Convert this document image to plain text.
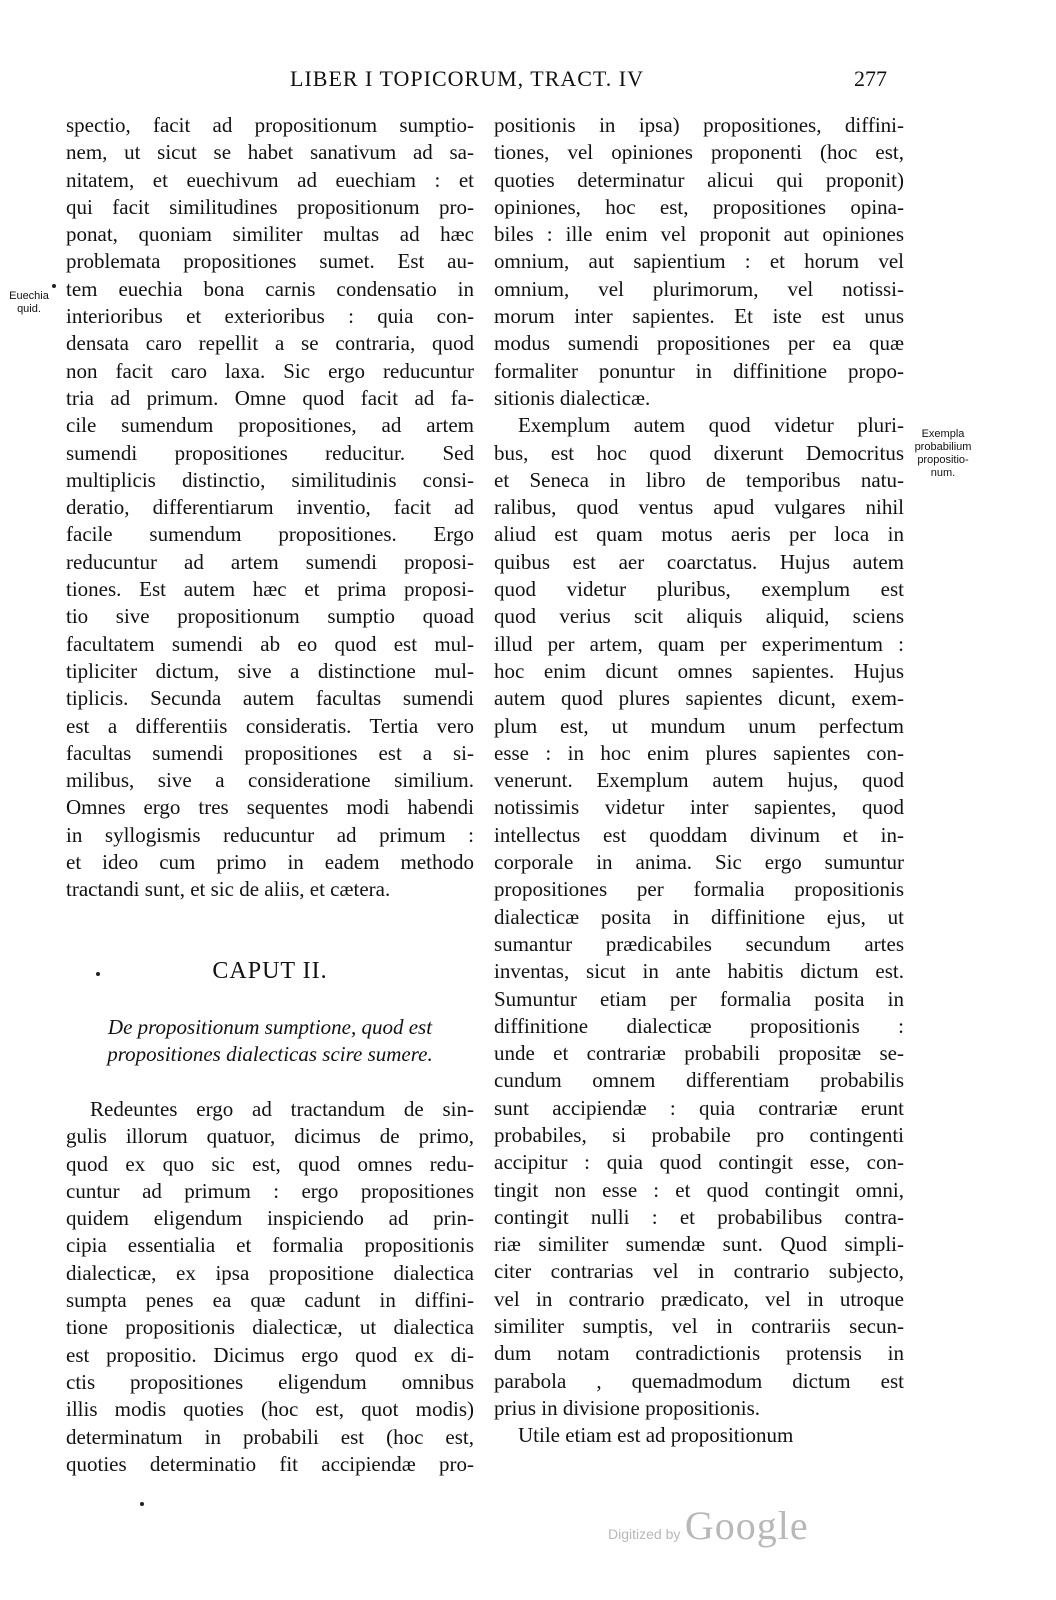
LIBER I TOPICORUM, TRACT. IV	277
spectio, facit ad propositionum sumptio-
nem, ut sicut se habet sanativum ad sa-
nitatem, et euechivum ad euechiam : et
qui facit similitudines propositionum pro-
ponat, quoniam similiter multas ad hæc
problemata propositiones sumet. Est au-
tem euechia bona carnis condensatio in
interioribus et exterioribus : quia con-
densata caro repellit a se contraria, quod
non facit caro laxa. Sic ergo reducuntur
tria ad primum. Omne quod facit ad fa-
cile sumendum propositiones, ad artem
sumendi propositiones reducitur. Sed
multiplicis distinctio, similitudinis consi-
deratio, differentiarum inventio, facit ad
facile sumendum propositiones. Ergo
reducuntur ad artem sumendi proposi-
tiones. Est autem hæc et prima proposi-
tio sive propositionum sumptio quoad
facultatem sumendi ab eo quod est mul-
tipliciter dictum, sive a distinctione mul-
tiplicis. Secunda autem facultas sumendi
est a differentiis consideratis. Tertia vero
facultas sumendi propositiones est a si-
milibus, sive a consideratione similium.
Omnes ergo tres sequentes modi habendi
in syllogismis reducuntur ad primum :
et ideo cum primo in eadem methodo
tractandi sunt, et sic de aliis, et cætera.
CAPUT II.
De propositionum sumptione, quod est
propositiones dialecticas scire sumere.
Redeuntes ergo ad tractandum de sin-
gulis illorum quatuor, dicimus de primo,
quod ex quo sic est, quod omnes redu-
cuntur ad primum : ergo propositiones
quidem eligendum inspiciendo ad prin-
cipia essentialia et formalia propositionis
dialecticæ, ex ipsa propositione dialectica
sumpta penes ea quæ cadunt in diffini-
tione propositionis dialecticæ, ut dialectica
est propositio. Dicimus ergo quod ex di-
ctis propositiones eligendum omnibus
illis modis quoties (hoc est, quot modis)
determinatum in probabili est (hoc est,
quoties determinatio fit accipiendæ pro-
positionis in ipsa) propositiones, diffini-
tiones, vel opiniones proponenti (hoc est,
quoties determinatur alicui qui proponit)
opiniones, hoc est, propositiones opina-
biles : ille enim vel proponit aut opiniones
omnium, aut sapientium : et horum vel
omnium, vel plurimorum, vel notissi-
morum inter sapientes. Et iste est unus
modus sumendi propositiones per ea quæ
formaliter ponuntur in diffinitione propo-
sitionis dialecticæ.
Exemplum autem quod videtur pluri-
bus, est hoc quod dixerunt Democritus
et Seneca in libro de temporibus natu-
ralibus, quod ventus apud vulgares nihil
aliud est quam motus aeris per loca in
quibus est aer coarctatus. Hujus autem
quod videtur pluribus, exemplum est
quod verius scit aliquis aliquid, sciens
illud per artem, quam per experimentum :
hoc enim dicunt omnes sapientes. Hujus
autem quod plures sapientes dicunt, exem-
plum est, ut mundum unum perfectum
esse : in hoc enim plures sapientes con-
venerunt. Exemplum autem hujus, quod
notissimis videtur inter sapientes, quod
intellectus est quoddam divinum et in-
corporale in anima. Sic ergo sumuntur
propositiones per formalia propositionis
dialecticæ posita in diffinitione ejus, ut
sumantur prædicabiles secundum artes
inventas, sicut in ante habitis dictum est.
Sumuntur etiam per formalia posita in
diffinitione dialecticæ propositionis :
unde et contrariæ probabili propositæ se-
cundum omnem differentiam probabilis
sunt accipiendæ : quia contrariæ erunt
probabiles, si probabile pro contingenti
accipitur : quia quod contingit esse, con-
tingit non esse : et quod contingit omni,
contingit nulli : et probabilibus contra-
riæ similiter sumendæ sunt. Quod simpli-
citer contrarias vel in contrario subjecto,
vel in contrario prædicato, vel in utroque
similiter sumptis, vel in contrariis secun-
dum notam contradictionis protensis in
parabola , quemadmodum dictum est
prius in divisione propositionis.
Utile etiam est ad propositionum
Euechia
quid.
Exempla
probabilium
propositio-
num.
Digitized by Google
